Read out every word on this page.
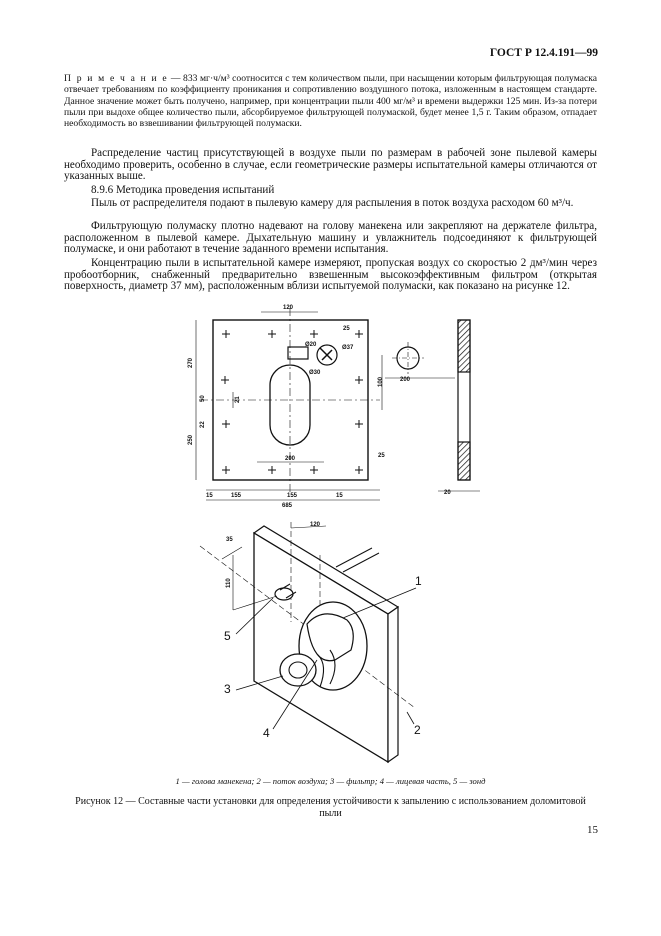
ГОСТ Р 12.4.191—99
П р и м е ч а н и е — 833 мг·ч/м³ соотносится с тем количеством пыли, при насыщении которым фильтрующая полумаска отвечает требованиям по коэффициенту проникания и сопротивлению воздушного потока, изложенным в настоящем стандарте. Данное значение может быть получено, например, при концентрации пыли 400 мг/м³ и времени выдержки 125 мин. Из-за потери пыли при выдохе общее количество пыли, абсорбируемое фильтрующей полумаской, будет менее 1,5 г. Таким образом, отпадает необходимость во взвешивании фильтрующей полумаски.

Распределение частиц присутствующей в воздухе пыли по размерам в рабочей зоне пылевой камеры необходимо проверить, особенно в случае, если геометрические размеры испытательной камеры отличаются от указанных выше.

8.9.6 Методика проведения испытаний

Пыль от распределителя подают в пылевую камеру для распыления в поток воздуха расходом 60 м³/ч.

Фильтрующую полумаску плотно надевают на голову манекена или закрепляют на держателе фильтра, расположенном в пылевой камере. Дыхательную машину и увлажнитель подсоединяют к фильтрующей полумаске, и они работают в течение заданного времени испытания.

Концентрацию пыли в испытательной камере измеряют, пропуская воздух со скоростью 2 дм³/мин через пробоотборник, снабженный предварительно взвешенным высокоэффективным фильтром (открытая поверхность, диаметр 37 мм), расположенным вблизи испытуемой полумаски, как показано на рисунке 12.

120
25
Ø37
Ø20
Ø30
270
250
100
50
22
21
200	25
15	155	155	15
685
200
20
120
35
110	1
2
3
4
5
1 — голова манекена; 2 — поток воздуха; 3 — фильтр; 4 — лицевая часть, 5 — зонд
Рисунок 12 — Составные части установки для определения устойчивости к запылению с использованием доломитовой пыли
15
